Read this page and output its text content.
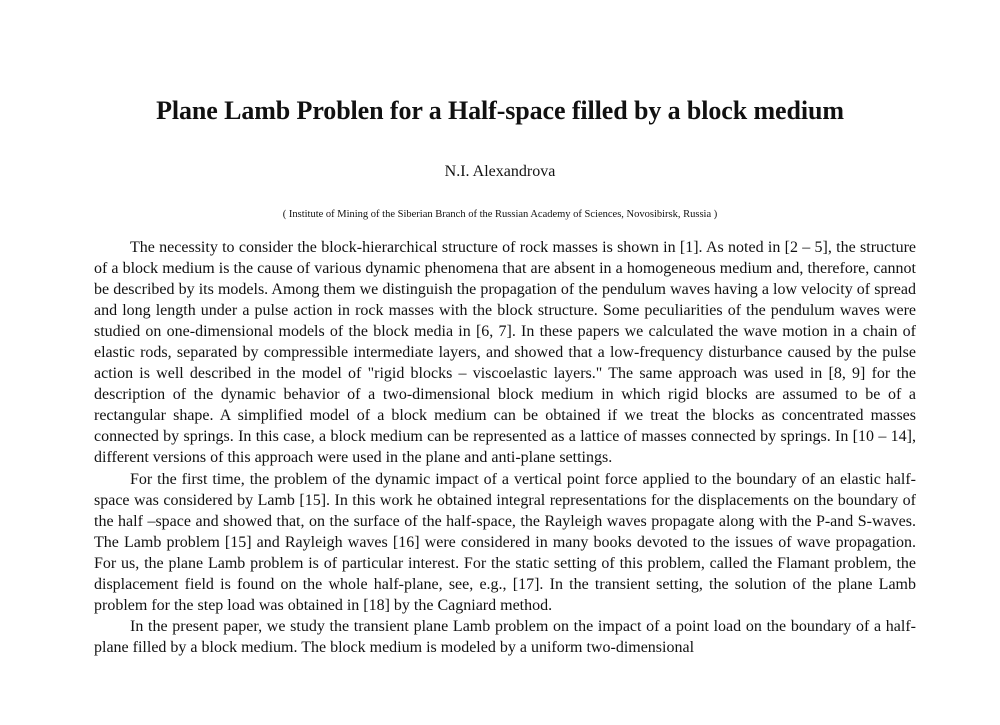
Plane Lamb Problen for a Half-space filled by a block medium
N.I. Alexandrova
( Institute of Mining of the Siberian Branch of the Russian Academy of Sciences, Novosibirsk, Russia )

The necessity to consider the block-hierarchical structure of rock masses is shown in [1]. As noted in [2 – 5], the structure of a block medium is the cause of various dynamic phenomena that are absent in a homogeneous medium and, therefore, cannot be described by its models. Among them we distinguish the propagation of the pendulum waves having a low velocity of spread and long length under a pulse action in rock masses with the block structure. Some peculiarities of the pendulum waves were studied on one-dimensional models of the block media in [6, 7]. In these papers we calculated the wave motion in a chain of elastic rods, separated by compressible intermediate layers, and showed that a low-frequency disturbance caused by the pulse action is well described in the model of "rigid blocks – viscoelastic layers." The same approach was used in [8, 9] for the description of the dynamic behavior of a two-dimensional block medium in which rigid blocks are assumed to be of a rectangular shape. A simplified model of a block medium can be obtained if we treat the blocks as concentrated masses connected by springs. In this case, a block medium can be represented as a lattice of masses connected by springs. In [10 – 14], different versions of this approach were used in the plane and anti-plane settings.

For the first time, the problem of the dynamic impact of a vertical point force applied to the boundary of an elastic half-space was considered by Lamb [15]. In this work he obtained integral representations for the displacements on the boundary of the half –space and showed that, on the surface of the half-space, the Rayleigh waves propagate along with the P-and S-waves. The Lamb problem [15] and Rayleigh waves [16] were considered in many books devoted to the issues of wave propagation. For us, the plane Lamb problem is of particular interest. For the static setting of this problem, called the Flamant problem, the displacement field is found on the whole half-plane, see, e.g., [17]. In the transient setting, the solution of the plane Lamb problem for the step load was obtained in [18] by the Cagniard method.

In the present paper, we study the transient plane Lamb problem on the impact of a point load on the boundary of a half-plane filled by a block medium. The block medium is modeled by a uniform two-dimensional
